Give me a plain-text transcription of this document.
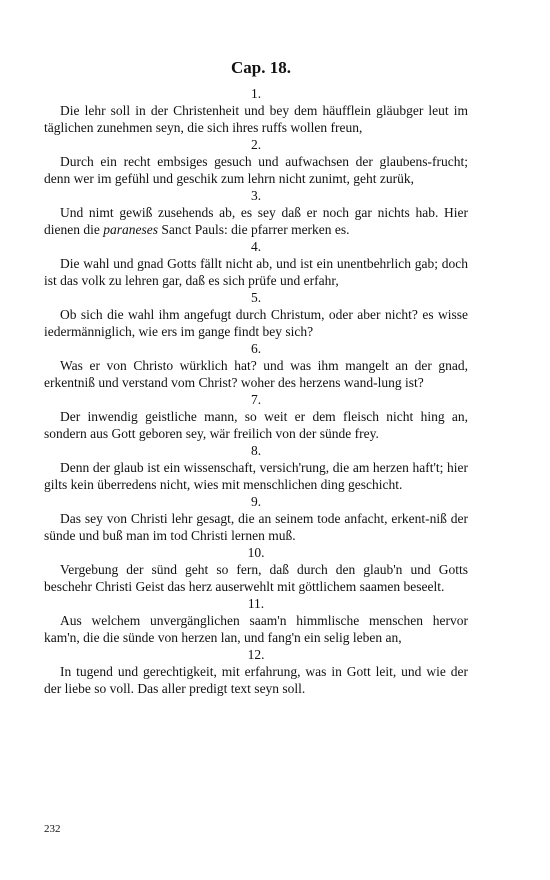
Cap. 18.
1.

Die lehr soll in der Christenheit und bey dem häufflein gläubger leut im täglichen zunehmen seyn, die sich ihres ruffs wollen freun,

2.

Durch ein recht embsiges gesuch und aufwachsen der glaubens-frucht; denn wer im gefühl und geschik zum lehrn nicht zunimt, geht zurük,

3.

Und nimt gewiß zusehends ab, es sey daß er noch gar nichts hab. Hier dienen die paraneses Sanct Pauls: die pfarrer merken es.

4.

Die wahl und gnad Gotts fällt nicht ab, und ist ein unentbehrlich gab; doch ist das volk zu lehren gar, daß es sich prüfe und erfahr,

5.

Ob sich die wahl ihm angefugt durch Christum, oder aber nicht? es wisse iedermänniglich, wie ers im gange findt bey sich?

6.

Was er von Christo würklich hat? und was ihm mangelt an der gnad, erkentniß und verstand vom Christ? woher des herzens wand-lung ist?

7.

Der inwendig geistliche mann, so weit er dem fleisch nicht hing an, sondern aus Gott geboren sey, wär freilich von der sünde frey.

8.

Denn der glaub ist ein wissenschaft, versich'rung, die am herzen haft't; hier gilts kein überredens nicht, wies mit menschlichen ding geschicht.

9.

Das sey von Christi lehr gesagt, die an seinem tode anfacht, erkent-niß der sünde und buß man im tod Christi lernen muß.

10.

Vergebung der sünd geht so fern, daß durch den glaub'n und Gotts beschehr Christi Geist das herz auserwehlt mit göttlichem saamen beseelt.

11.

Aus welchem unvergänglichen saam'n himmlische menschen hervor kam'n, die die sünde von herzen lan, und fang'n ein selig leben an,

12.

In tugend und gerechtigkeit, mit erfahrung, was in Gott leit, und wie der der liebe so voll. Das aller predigt text seyn soll.

232
